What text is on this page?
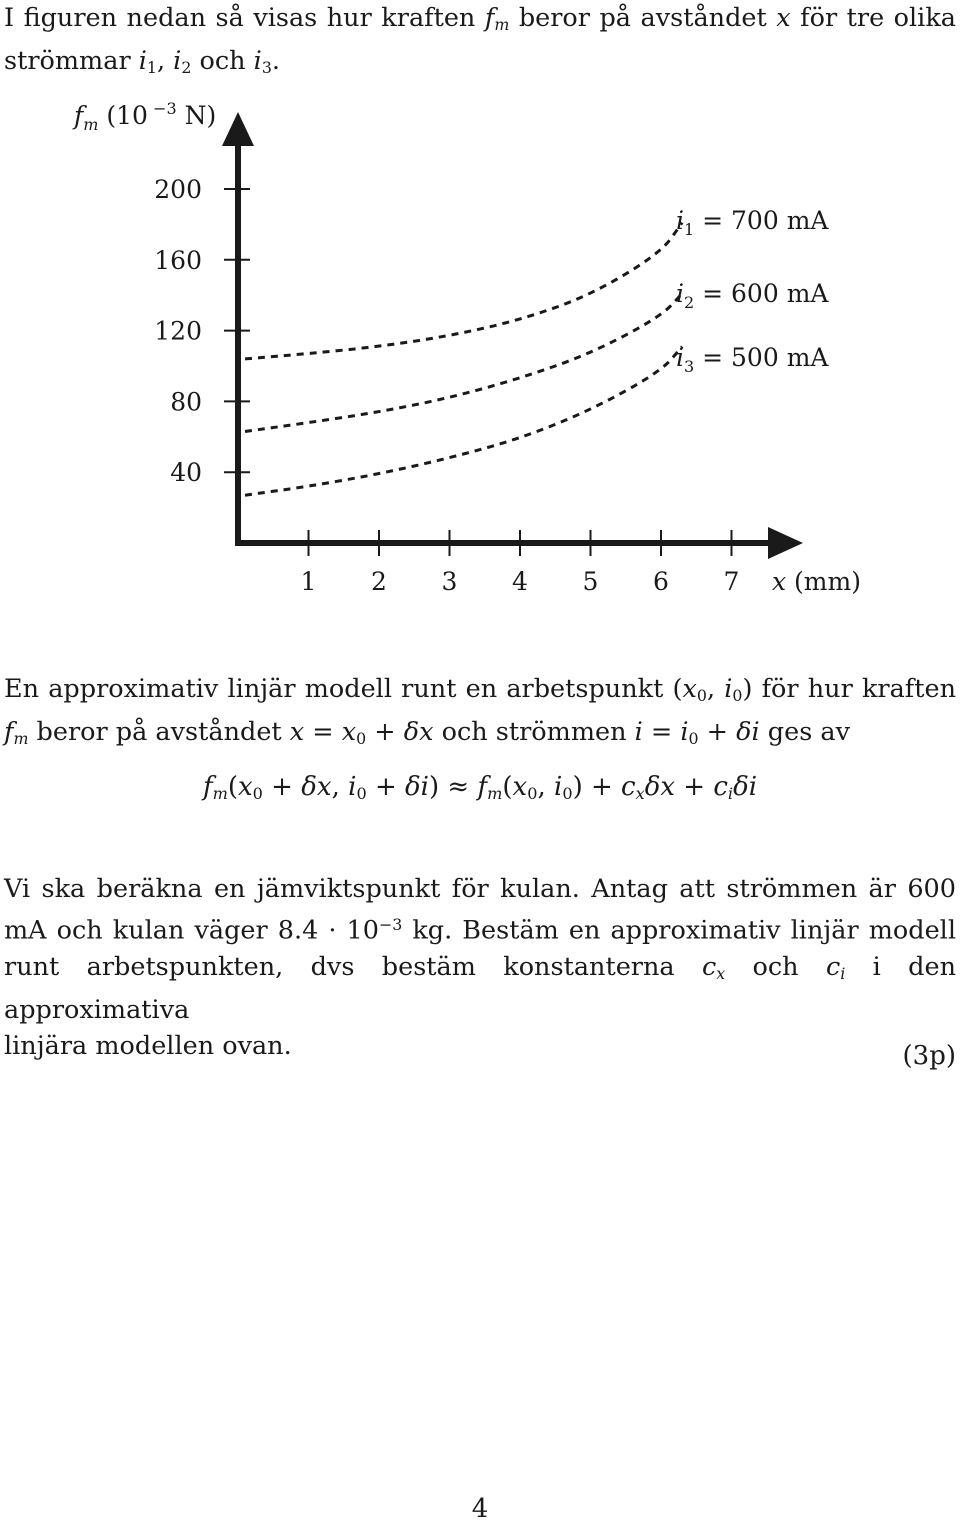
I figuren nedan så visas hur kraften $f_m$ beror på avståndet x för tre olika

strömmar $i_1$, $i_2$ och $i_3$.

$f_m$ (10 $^{-3}$ N)
40
80
120
160
200
1 2 3 4 5 6 7
$i_1 = 700$ mA
$i_2 = 600$ mA
$i_3 = 500$ mA
x (mm)

En approximativ linjär modell runt en arbetspunkt ($x_0$, $i_0$) för hur kraften

$f_m$ beror på avståndet $x = x_0 + \delta x$ och strömmen $i = i_0 + \delta i$ ges av

$f_m(x_0 + \delta x$, $i_0 + \delta i) \approx f_m(x_0$, $i_0) + c_x\delta x + c_i\delta i$

Vi ska beräkna en jämviktspunkt för kulan. Antag att strömmen är 600

mA och kulan väger $8.4 \cdot 10^{-3}$ kg. Bestäm en approximativ linjär modell

runt arbetspunkten, dvs bestäm konstanterna $c_x$ och $c_i$ i den approximativa

linjära modellen ovan.	(3p)
4
